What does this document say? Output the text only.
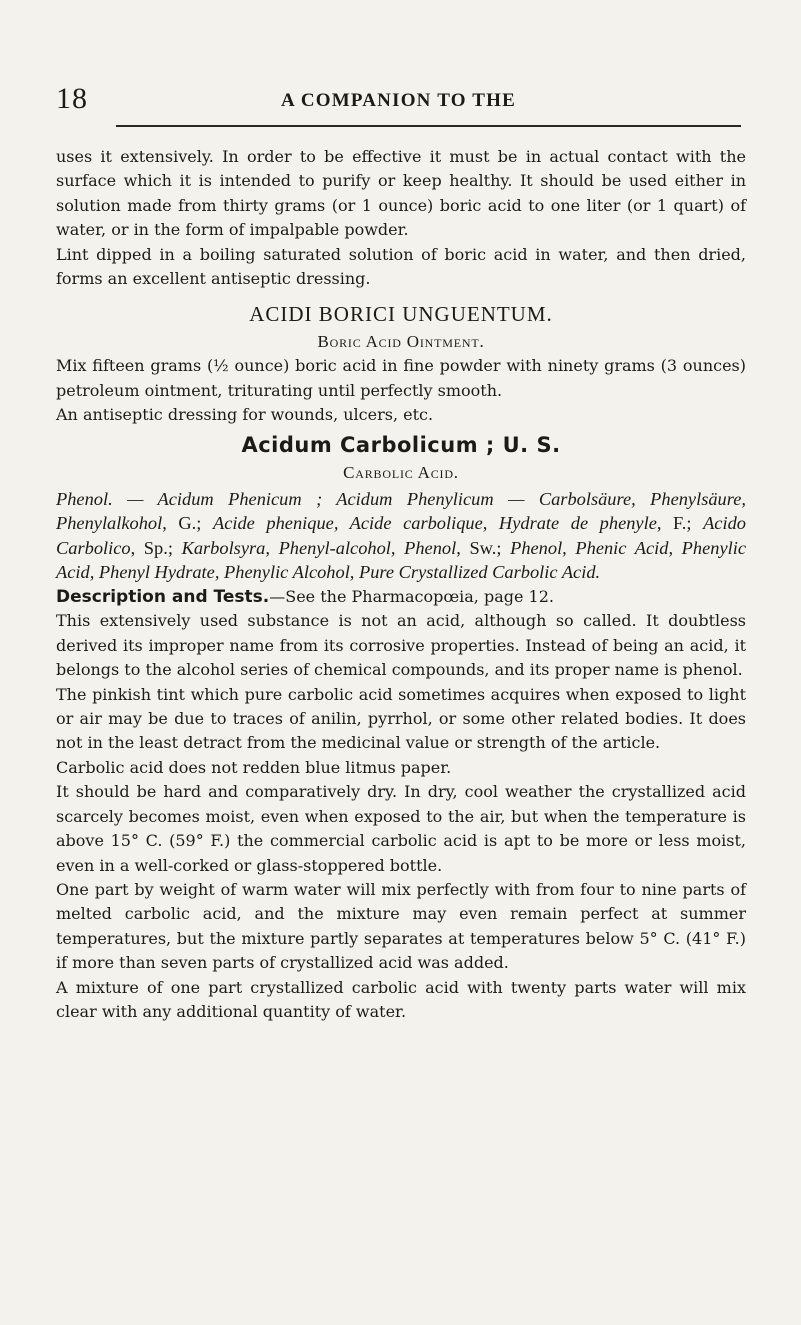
18	A COMPANION TO THE

uses it extensively. In order to be effective it must be in actual contact with the surface which it is intended to purify or keep healthy. It should be used either in solution made from thirty grams (or 1 ounce) boric acid to one liter (or 1 quart) of water, or in the form of impalpable powder.

Lint dipped in a boiling saturated solution of boric acid in water, and then dried, forms an excellent antiseptic dressing.

ACIDI BORICI UNGUENTUM.
Boric Acid Ointment.

Mix fifteen grams (½ ounce) boric acid in fine powder with ninety grams (3 ounces) petroleum ointment, triturating until perfectly smooth.

An antiseptic dressing for wounds, ulcers, etc.

Acidum Carbolicum ; U. S.
Carbolic Acid.

Phenol. — Acidum Phenicum ; Acidum Phenylicum — Carbolsäure, Phenylsäure, Phenylalkohol, G.; Acide phenique, Acide carbolique, Hydrate de phenyle, F.; Acido Carbolico, Sp.; Karbolsyra, Phenyl-alcohol, Phenol, Sw.; Phenol, Phenic Acid, Phenylic Acid, Phenyl Hydrate, Phenylic Alcohol, Pure Crystallized Carbolic Acid.

Description and Tests.—See the Pharmacopœia, page 12.

This extensively used substance is not an acid, although so called. It doubtless derived its improper name from its corrosive properties. Instead of being an acid, it belongs to the alcohol series of chemical compounds, and its proper name is phenol.

The pinkish tint which pure carbolic acid sometimes acquires when exposed to light or air may be due to traces of anilin, pyrrhol, or some other related bodies. It does not in the least detract from the medicinal value or strength of the article.

Carbolic acid does not redden blue litmus paper.

It should be hard and comparatively dry. In dry, cool weather the crystallized acid scarcely becomes moist, even when exposed to the air, but when the temperature is above 15° C. (59° F.) the commercial carbolic acid is apt to be more or less moist, even in a well-corked or glass-stoppered bottle.

One part by weight of warm water will mix perfectly with from four to nine parts of melted carbolic acid, and the mixture may even remain perfect at summer temperatures, but the mixture partly separates at temperatures below 5° C. (41° F.) if more than seven parts of crystallized acid was added.

A mixture of one part crystallized carbolic acid with twenty parts water will mix clear with any additional quantity of water.
